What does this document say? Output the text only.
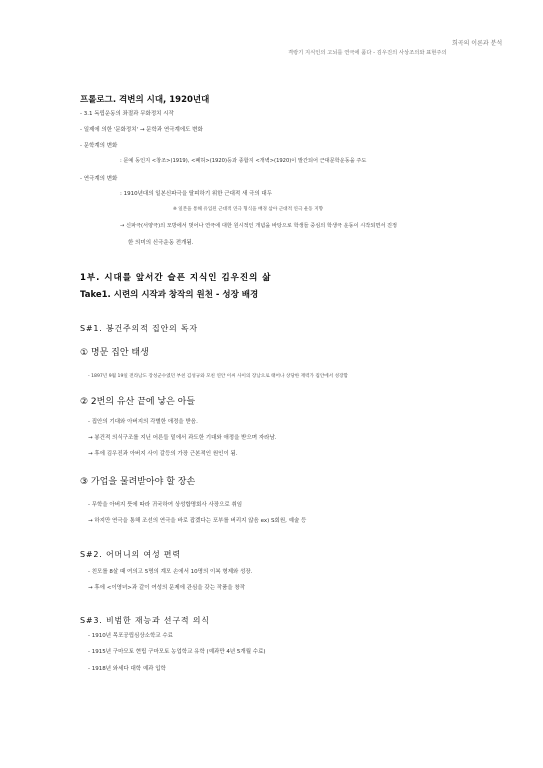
희곡의 이론과 분석
격랑기 지식인의 고뇌를 연극에 품다 - 김우진의 사상조의와 표현주의
프롤로그. 격변의 시대, 1920년대
- 3.1 독립운동의 좌절과 무화정치 시작
- 일제에 의한 '문화정치' → 문학과 연극계에도 변화
- 문학계의 변화
: 문예 동인지 <창조>(1919), <폐허>(1920)등과 종합지 <개벽>(1920)이 발간되어 근대문학운동을 주도
- 연극계의 변화
: 1910년대의 일본신파극을 탈피하기 위한 근대적 새 극의 대두
※ 일본을 통해 유입된 근대적 연극 형식을 배경 삼아 근대적 연극 운동 지향
→ 신파극(서양극)의 모방에서 벗어나 연극에 대한 원시적인 개념을 바탕으로 학생들 중심의 학생극 운동이 시작되면서 진정
한 의미의 신극운동 전개됨.
1부. 시대를 앞서간 슬픈 지식인 김우진의 삶
Take1. 시련의 시작과 창작의 원천 - 성장 배경
S#1. 봉건주의적 집안의 독자
① 명문 집안 태생
- 1897년 9월 19일 전라남도 장성군수였던 부친 김성규와 모친 연안 이씨 사이의 장남으로 태어나 상당한 재력가 집안에서 성장함
② 2번의 유산 끝에 낳은 아들
- 집안의 기대와 아버지의 각별한 애정을 받음.
→ 봉건적 의식구조를 지닌 어른들 밑에서 과도한 기대와 애정을 받으며 자라남.
→ 후에 김우진과 아버지 사이 갈등의 가장 근본적인 원인이 됨.
③ 가업을 물려받아야 할 장손
- 무학을 아버지 뜻에 따라 귀국하여 상성합명회사 사장으로 취임
→ 하지만 연극을 통해 조선의 연극을 바로 잡겠다는 포부를 버리지 않음 ex) S회원, 예술 등
S#2. 어머니의 여성 편력
- 친모를 8살 때 여의고 5명의 계모 손에서 10명의 이복 형제와 성장.
→ 후에 <이영녀>과 같이 여성의 문제에 관심을 갖는 작품을 창작
S#3. 비범한 재능과 선구적 의식
- 1910년 목포공립심상소학교 수료
- 1915년 구마모토 현립 구마모토 농업학교 유학 (예과만 4년 5개월 수료)
- 1918년 와세다 대학 예과 입학
